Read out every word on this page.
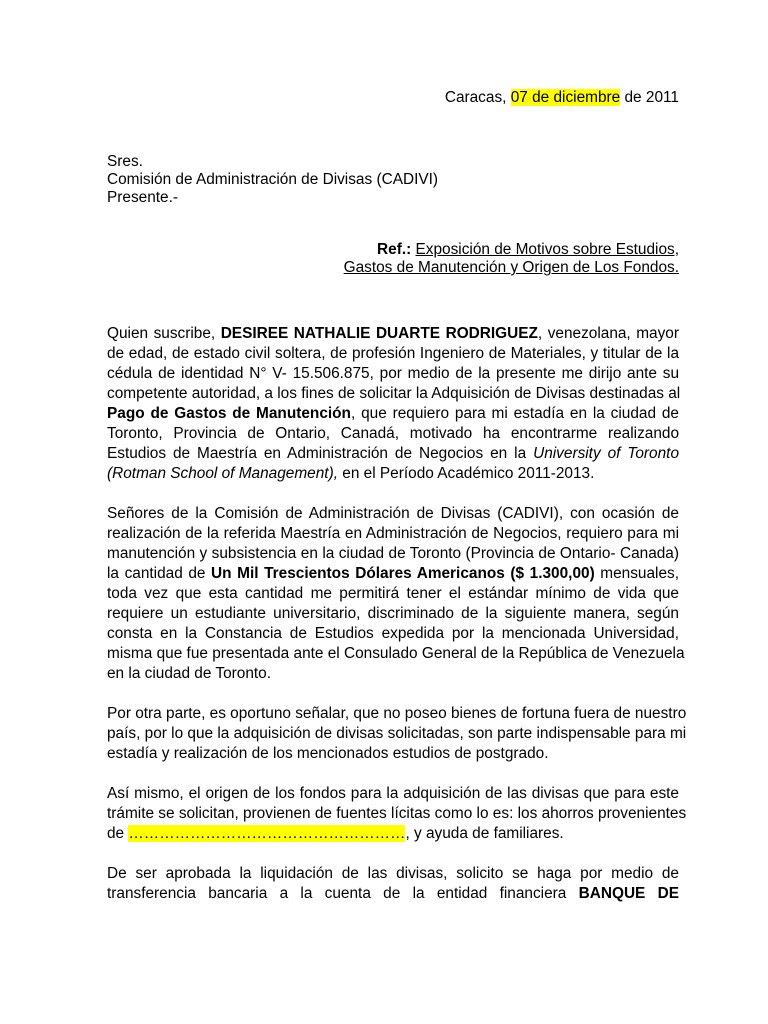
Caracas, 07 de diciembre de 2011
Sres.
Comisión de Administración de Divisas (CADIVI)
Presente.-
Ref.: Exposición de Motivos sobre Estudios,
Gastos de Manutención y Origen de Los Fondos.
Quien suscribe, DESIREE NATHALIE DUARTE RODRIGUEZ, venezolana, mayor
de edad, de estado civil soltera, de profesión Ingeniero de Materiales, y titular de la
cédula de identidad N° V- 15.506.875, por medio de la presente me dirijo ante su
competente autoridad, a los fines de solicitar la Adquisición de Divisas destinadas al
Pago de Gastos de Manutención, que requiero para mi estadía en la ciudad de
Toronto, Provincia de Ontario, Canadá, motivado ha encontrarme realizando
Estudios de Maestría en Administración de Negocios en la University of Toronto
(Rotman School of Management), en el Período Académico 2011-2013.
Señores de la Comisión de Administración de Divisas (CADIVI), con ocasión de
realización de la referida Maestría en Administración de Negocios, requiero para mi
manutención y subsistencia en la ciudad de Toronto (Provincia de Ontario- Canada)
la cantidad de Un Mil Trescientos Dólares Americanos ($ 1.300,00) mensuales,
toda vez que esta cantidad me permitirá tener el estándar mínimo de vida que
requiere un estudiante universitario, discriminado de la siguiente manera, según
consta en la Constancia de Estudios expedida por la mencionada Universidad,
misma que fue presentada ante el Consulado General de la República de Venezuela
en la ciudad de Toronto.
Por otra parte, es oportuno señalar, que no poseo bienes de fortuna fuera de nuestro
país, por lo que la adquisición de divisas solicitadas, son parte indispensable para mi
estadía y realización de los mencionados estudios de postgrado.
Así mismo, el origen de los fondos para la adquisición de las divisas que para este
trámite se solicitan, provienen de fuentes lícitas como lo es: los ahorros provenientes
de ………………………………………………, y ayuda de familiares.
De ser aprobada la liquidación de las divisas, solicito se haga por medio de
transferencia bancaria a la cuenta de la entidad financiera BANQUE DE
